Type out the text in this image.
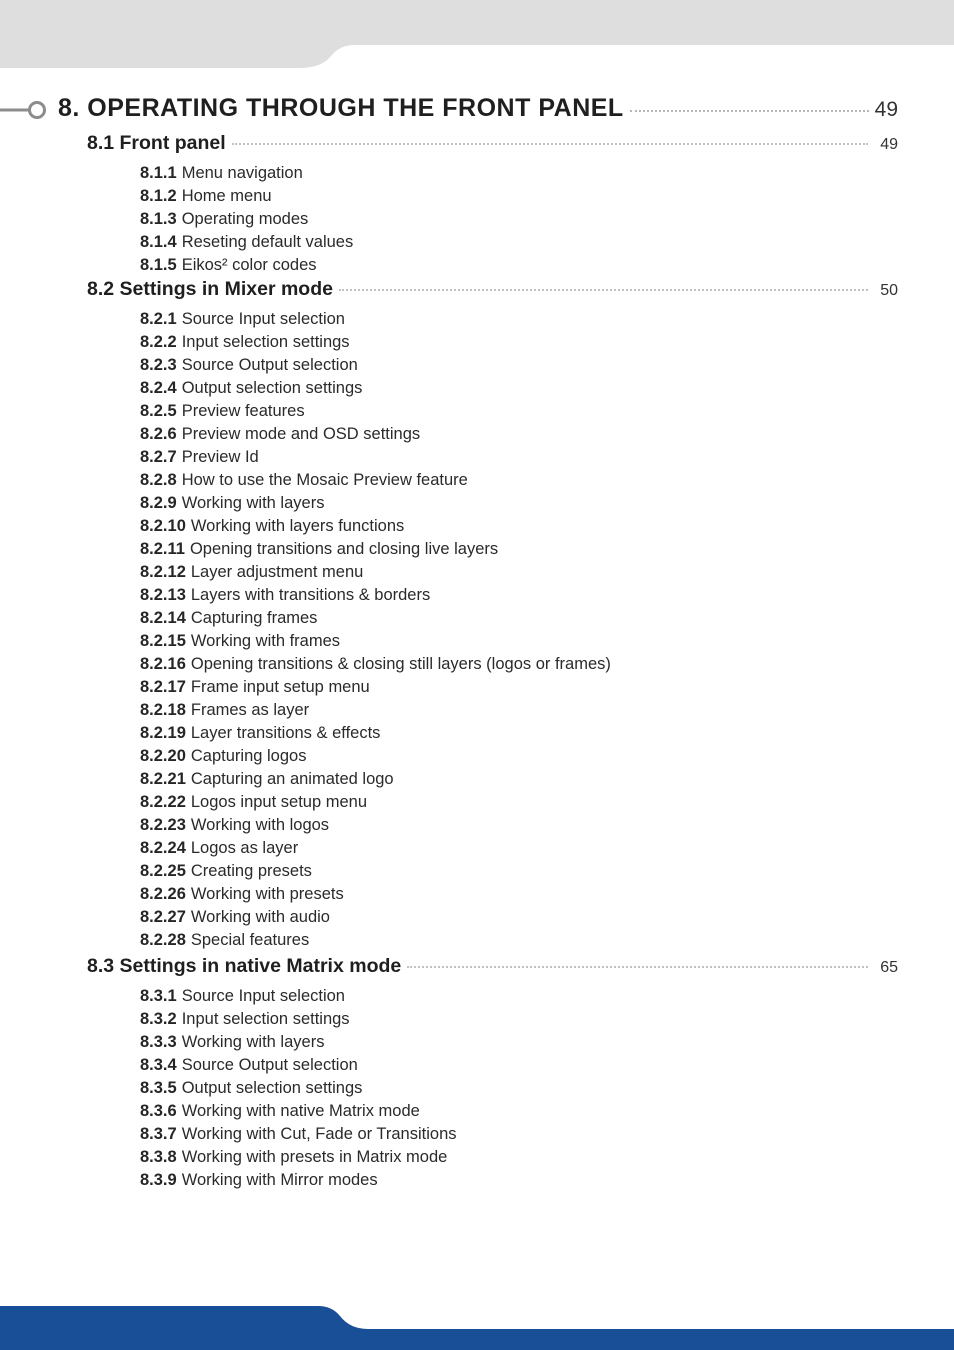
8. OPERATING THROUGH THE FRONT PANEL	49
8.1 Front panel	49
8.1.1 Menu navigation
8.1.2 Home menu
8.1.3 Operating modes
8.1.4 Reseting default values
8.1.5 Eikos² color codes
8.2 Settings in Mixer mode	50
8.2.1 Source Input selection
8.2.2 Input selection settings
8.2.3 Source Output selection
8.2.4 Output selection settings
8.2.5 Preview features
8.2.6 Preview mode and OSD settings
8.2.7 Preview Id
8.2.8 How to use the Mosaic Preview feature
8.2.9 Working with layers
8.2.10 Working with layers functions
8.2.11 Opening transitions and closing live layers
8.2.12 Layer adjustment menu
8.2.13 Layers with transitions & borders
8.2.14 Capturing frames
8.2.15 Working with frames
8.2.16 Opening transitions & closing still layers (logos or frames)
8.2.17 Frame input setup menu
8.2.18 Frames as layer
8.2.19 Layer transitions & effects
8.2.20 Capturing logos
8.2.21 Capturing an animated logo
8.2.22 Logos input setup menu
8.2.23 Working with logos
8.2.24 Logos as layer
8.2.25 Creating presets
8.2.26 Working with presets
8.2.27 Working with audio
8.2.28 Special features
8.3 Settings in native Matrix mode	65
8.3.1 Source Input selection
8.3.2 Input selection settings
8.3.3 Working with layers
8.3.4 Source Output selection
8.3.5 Output selection settings
8.3.6 Working with native Matrix mode
8.3.7 Working with Cut, Fade or Transitions
8.3.8 Working with presets in Matrix mode
8.3.9 Working with Mirror modes
